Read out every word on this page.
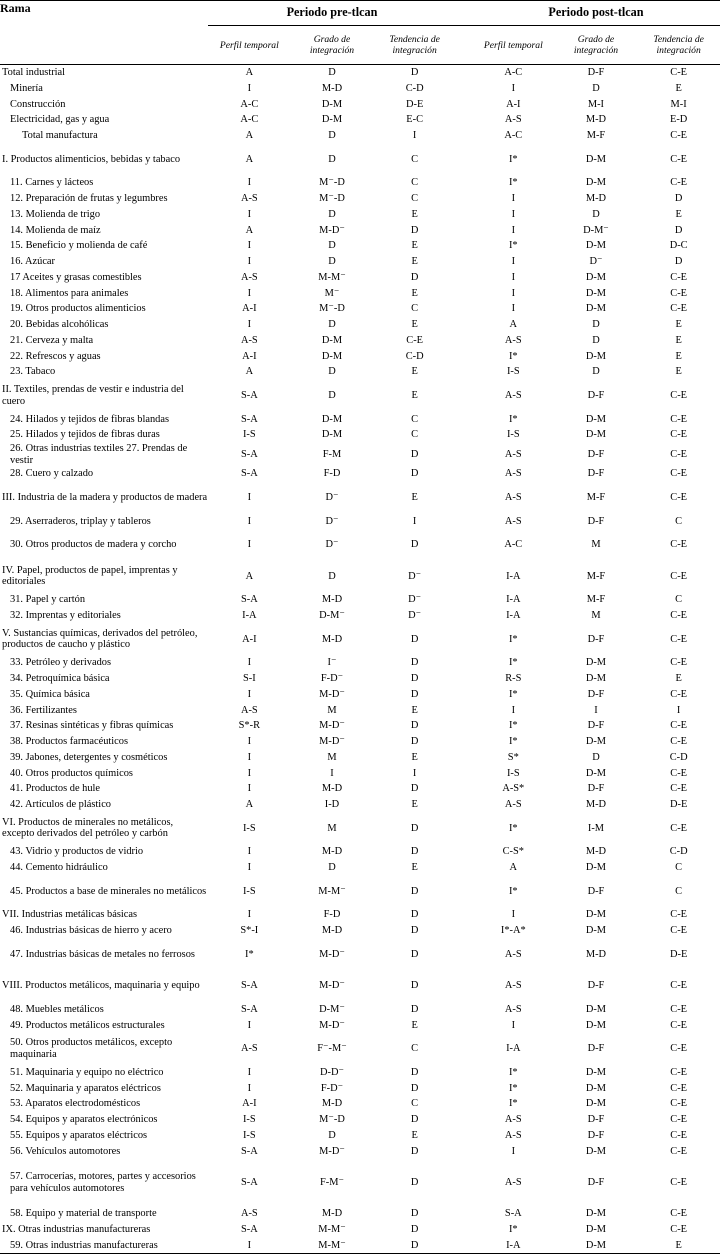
Rama	Periodo pre-tlcan				Periodo post-tlcan		
	Perfil temporal	Grado de integración	Tendencia de integración		Perfil temporal	Grado de integración	Tendencia de integración
Total industrial	A	D	D		A-C	D-F	C-E
Minería	I	M-D	C-D		I	D	E
Construcción	A-C	D-M	D-E		A-I	M-I	M-I
Electricidad, gas y agua	A-C	D-M	E-C		A-S	M-D	E-D
Total manufactura	A	D	I		A-C	M-F	C-E
I. Productos alimenticios, bebidas y tabaco	A	D	C		I*	D-M	C-E
11. Carnes y lácteos	I	M⁻-D	C		I*	D-M	C-E
12. Preparación de frutas y legumbres	A-S	M⁻-D	C		I	M-D	D
13. Molienda de trigo	I	D	E		I	D	E
14. Molienda de maíz	A	M-D⁻	D		I	D-M⁻	D
15. Beneficio y molienda de café	I	D	E		I*	D-M	D-C
16. Azúcar	I	D	E		I	D⁻	D
17 Aceites y grasas comestibles	A-S	M-M⁻	D		I	D-M	C-E
18. Alimentos para animales	I	M⁻	E		I	D-M	C-E
19. Otros productos alimenticios	A-I	M⁻-D	C		I	D-M	C-E
20. Bebidas alcohólicas	I	D	E		A	D	E
21. Cerveza y malta	A-S	D-M	C-E		A-S	D	E
22. Refrescos y aguas	A-I	D-M	C-D		I*	D-M	E
23. Tabaco	A	D	E		I-S	D	E
II. Textiles, prendas de vestir e industria del cuero	S-A	D	E		A-S	D-F	C-E
24. Hilados y tejidos de fibras blandas	S-A	D-M	C		I*	D-M	C-E
25. Hilados y tejidos de fibras duras	I-S	D-M	C		I-S	D-M	C-E
26. Otras industrias textiles 27. Prendas de vestir	S-A	F-M	D		A-S	D-F	C-E
28. Cuero y calzado	S-A	F-D	D		A-S	D-F	C-E
III. Industria de la madera y productos de madera	I	D⁻	E		A-S	M-F	C-E
29. Aserraderos, triplay y tableros	I	D⁻	I		A-S	D-F	C
30. Otros productos de madera y corcho	I	D⁻	D		A-C	M	C-E
IV. Papel, productos de papel, imprentas y editoriales	A	D	D⁻		I-A	M-F	C-E
31. Papel y cartón	S-A	M-D	D⁻		I-A	M-F	C
32. Imprentas y editoriales	I-A	D-M⁻	D⁻		I-A	M	C-E
V. Sustancias químicas, derivados del petróleo, productos de caucho y plástico	A-I	M-D	D		I*	D-F	C-E
33. Petróleo y derivados	I	I⁻	D		I*	D-M	C-E
34. Petroquímica básica	S-I	F-D⁻	D		R-S	D-M	E
35. Química básica	I	M-D⁻	D		I*	D-F	C-E
36. Fertilizantes	A-S	M	E		I	I	I
37. Resinas sintéticas y fibras químicas	S*-R	M-D⁻	D		I*	D-F	C-E
38. Productos farmacéuticos	I	M-D⁻	D		I*	D-M	C-E
39. Jabones, detergentes y cosméticos	I	M	E		S*	D	C-D
40. Otros productos químicos	I	I	I		I-S	D-M	C-E
41. Productos de hule	I	M-D	D		A-S*	D-F	C-E
42. Artículos de plástico	A	I-D	E		A-S	M-D	D-E
VI. Productos de minerales no metálicos, excepto derivados del petróleo y carbón	I-S	M	D		I*	I-M	C-E
43. Vidrio y productos de vidrio	I	M-D	D		C-S*	M-D	C-D
44. Cemento hidráulico	I	D	E		A	D-M	C
45. Productos a base de minerales no metálicos	I-S	M-M⁻	D		I*	D-F	C
VII. Industrias metálicas básicas	I	F-D	D		I	D-M	C-E
46. Industrias básicas de hierro y acero	S*-I	M-D	D		I*-A*	D-M	C-E
47. Industrias básicas de metales no ferrosos	I*	M-D⁻	D		A-S	M-D	D-E
VIII. Productos metálicos, maquinaria y equipo	S-A	M-D⁻	D		A-S	D-F	C-E
48. Muebles metálicos	S-A	D-M⁻	D		A-S	D-M	C-E
49. Productos metálicos estructurales	I	M-D⁻	E		I	D-M	C-E
50. Otros productos metálicos, excepto maquinaria	A-S	F⁻-M⁻	C		I-A	D-F	C-E
51. Maquinaria y equipo no eléctrico	I	D-D⁻	D		I*	D-M	C-E
52. Maquinaria y aparatos eléctricos	I	F-D⁻	D		I*	D-M	C-E
53. Aparatos electrodomésticos	A-I	M-D	C		I*	D-M	C-E
54. Equipos y aparatos electrónicos	I-S	M⁻-D	D		A-S	D-F	C-E
55. Equipos y aparatos eléctricos	I-S	D	E		A-S	D-F	C-E
56. Vehículos automotores	S-A	M-D⁻	D		I	D-M	C-E
57. Carrocerías, motores, partes y accesorios para vehículos automotores	S-A	F-M⁻	D		A-S	D-F	C-E
58. Equipo y material de transporte	A-S	M-D	D		S-A	D-M	C-E
IX. Otras industrias manufactureras	S-A	M-M⁻	D		I*	D-M	C-E
59. Otras industrias manufactureras	I	M-M⁻	D		I-A	D-M	E
